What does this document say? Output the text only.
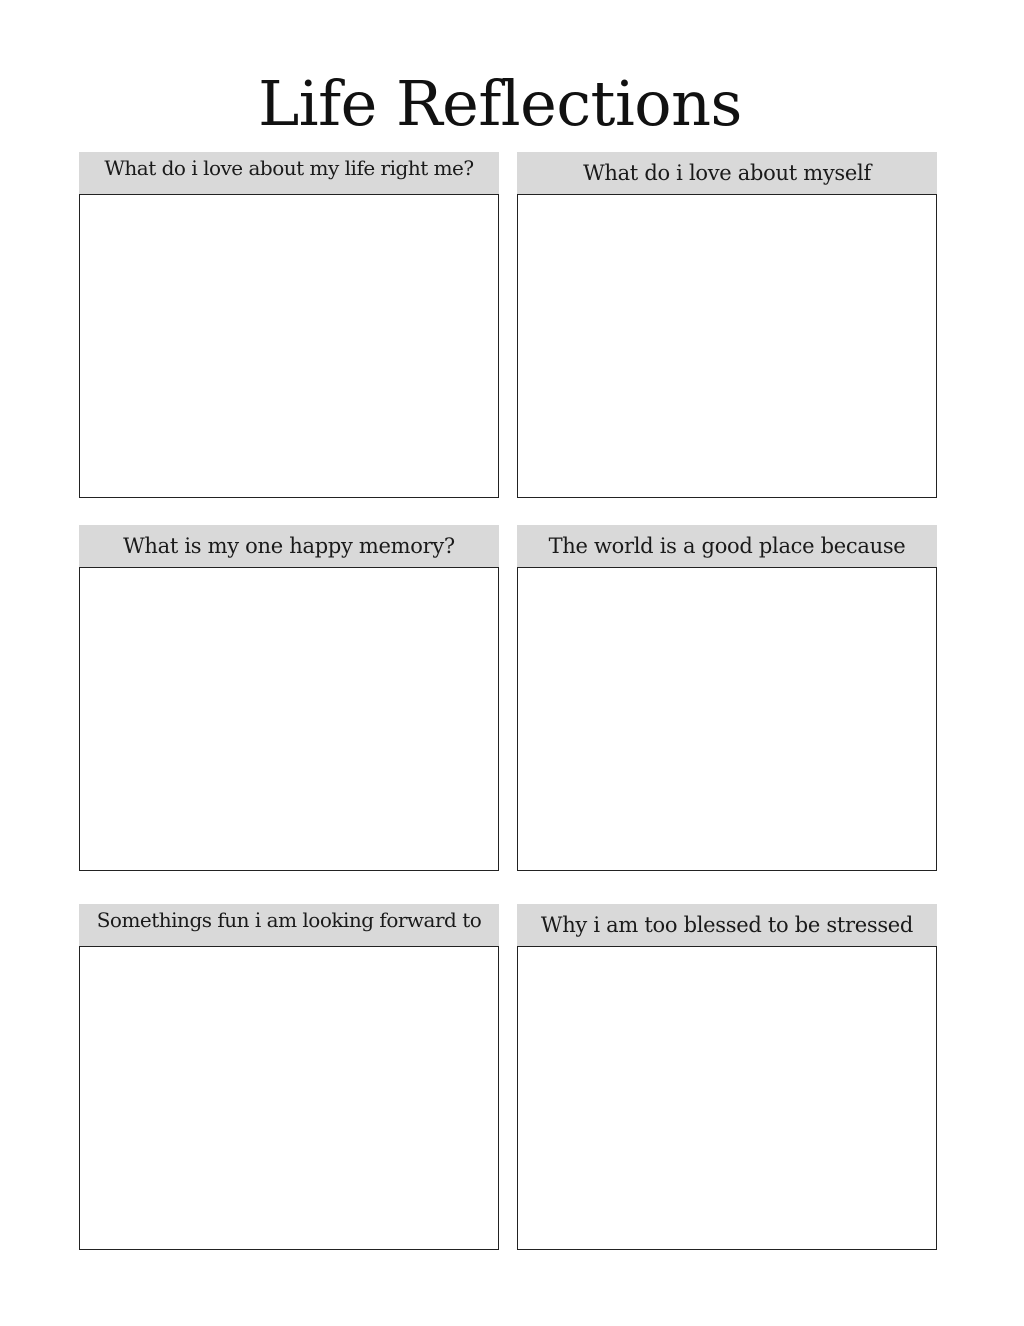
Life Reflections
What do i love about my life right me?	What do i love about myself
What is my one happy memory?	The world is a good place because
Somethings fun i am looking forward to	Why i am too blessed to be stressed
